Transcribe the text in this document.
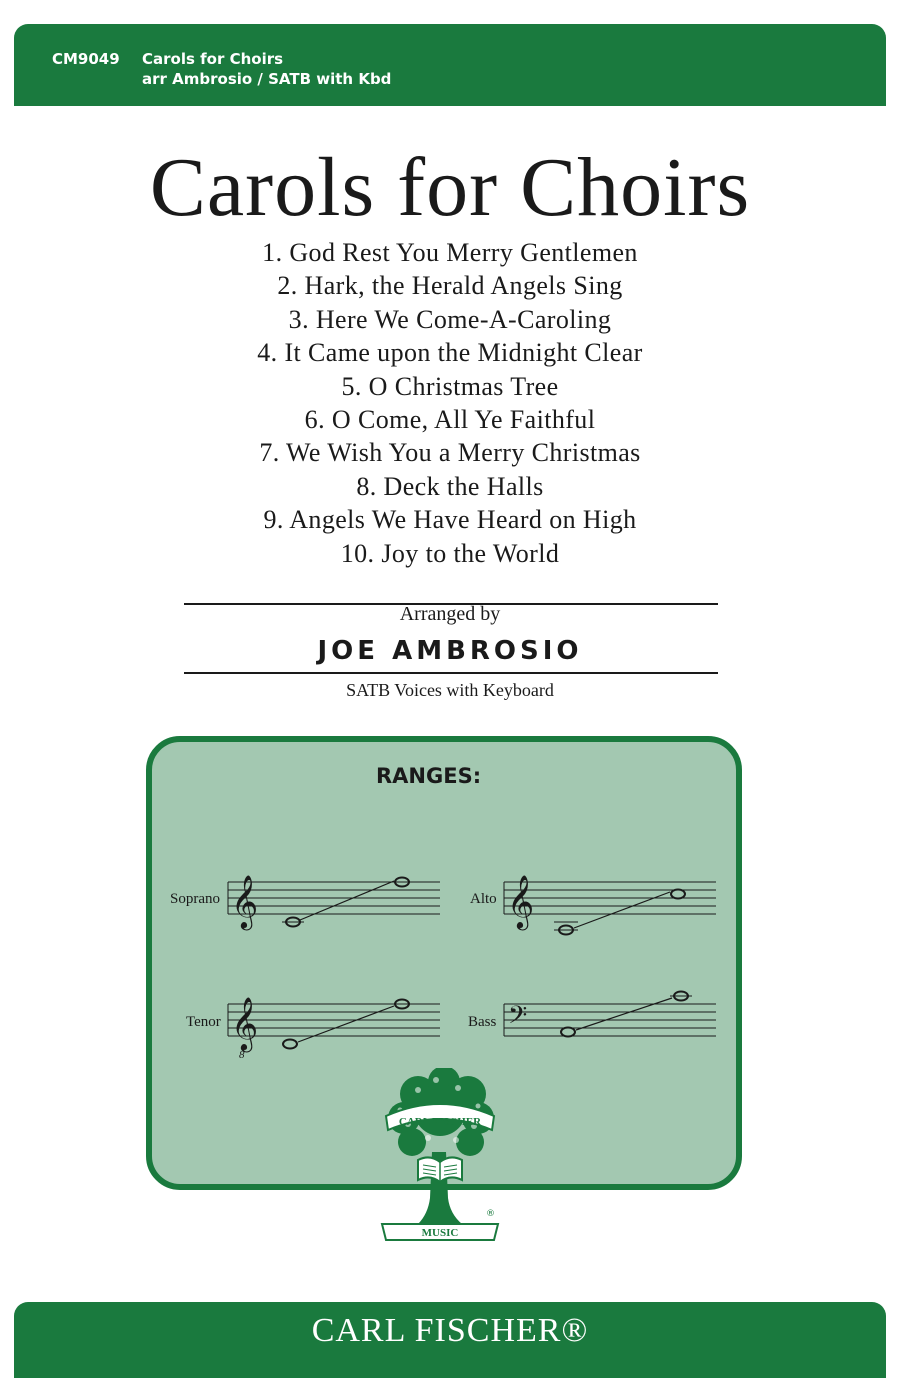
CM9049 Carols for Choirs
arr Ambrosio / SATB with Kbd
Carols for Choirs
1. God Rest You Merry Gentlemen
2. Hark, the Herald Angels Sing
3. Here We Come-A-Caroling
4. It Came upon the Midnight Clear
5. O Christmas Tree
6. O Come, All Ye Faithful
7. We Wish You a Merry Christmas
8. Deck the Halls
9. Angels We Have Heard on High
10. Joy to the World
Arranged by
JOE AMBROSIO
SATB Voices with Keyboard
RANGES:
Soprano 𝄞	Alto 𝄞
Tenor 𝄞
8
Bass 𝄢
CARL FISCHER
MUSIC
®
CARL FISCHER®
